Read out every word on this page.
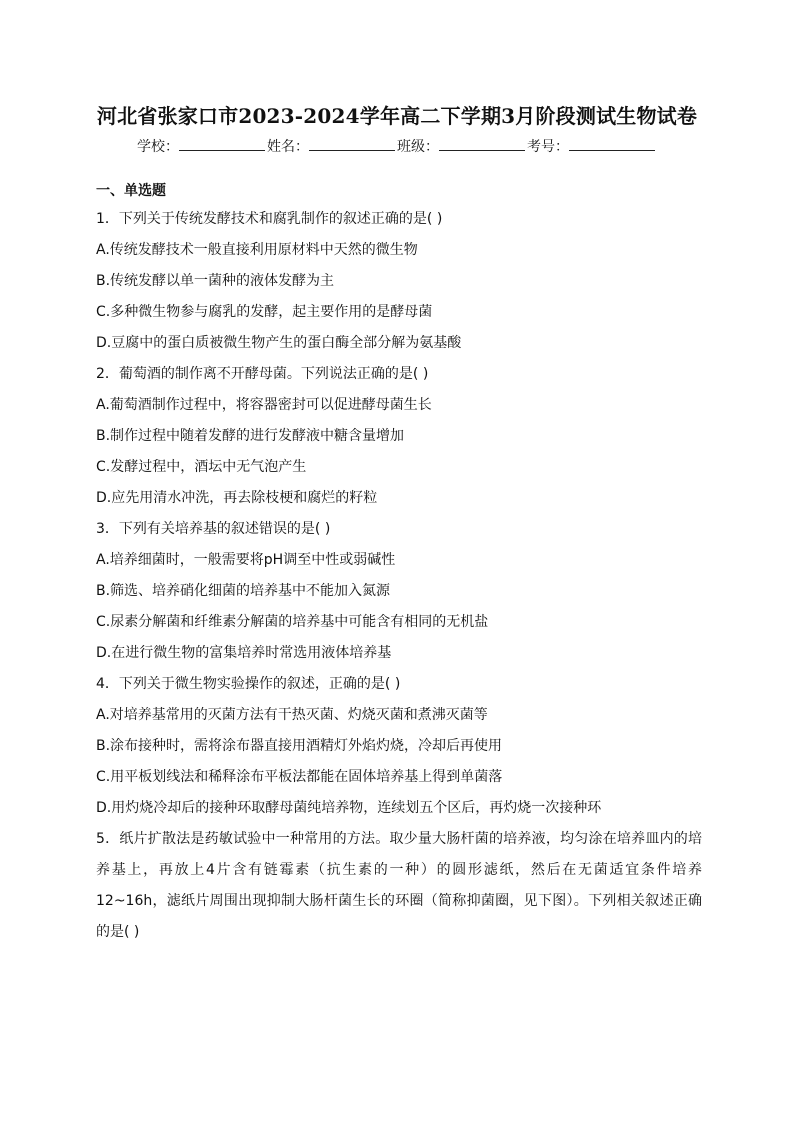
河北省张家口市2023-2024学年高二下学期3月阶段测试生物试卷
学校：	姓名：	班级：	考号：
一、单选题
1．下列关于传统发酵技术和腐乳制作的叙述正确的是( )
A.传统发酵技术一般直接利用原材料中天然的微生物
B.传统发酵以单一菌种的液体发酵为主
C.多种微生物参与腐乳的发酵，起主要作用的是酵母菌
D.豆腐中的蛋白质被微生物产生的蛋白酶全部分解为氨基酸
2．葡萄酒的制作离不开酵母菌。下列说法正确的是( )
A.葡萄酒制作过程中，将容器密封可以促进酵母菌生长
B.制作过程中随着发酵的进行发酵液中糖含量增加
C.发酵过程中，酒坛中无气泡产生
D.应先用清水冲洗，再去除枝梗和腐烂的籽粒
3．下列有关培养基的叙述错误的是( )
A.培养细菌时，一般需要将pH调至中性或弱碱性
B.筛选、培养硝化细菌的培养基中不能加入氮源
C.尿素分解菌和纤维素分解菌的培养基中可能含有相同的无机盐
D.在进行微生物的富集培养时常选用液体培养基
4．下列关于微生物实验操作的叙述，正确的是( )
A.对培养基常用的灭菌方法有干热灭菌、灼烧灭菌和煮沸灭菌等
B.涂布接种时，需将涂布器直接用酒精灯外焰灼烧，冷却后再使用
C.用平板划线法和稀释涂布平板法都能在固体培养基上得到单菌落
D.用灼烧冷却后的接种环取酵母菌纯培养物，连续划五个区后，再灼烧一次接种环
5．纸片扩散法是药敏试验中一种常用的方法。取少量大肠杆菌的培养液，均匀涂在培养皿内的培养基上，再放上4片含有链霉素（抗生素的一种）的圆形滤纸，然后在无菌适宜条件培养12~16h，滤纸片周围出现抑制大肠杆菌生长的环圈（简称抑菌圈，见下图）。下列相关叙述正确的是( )
